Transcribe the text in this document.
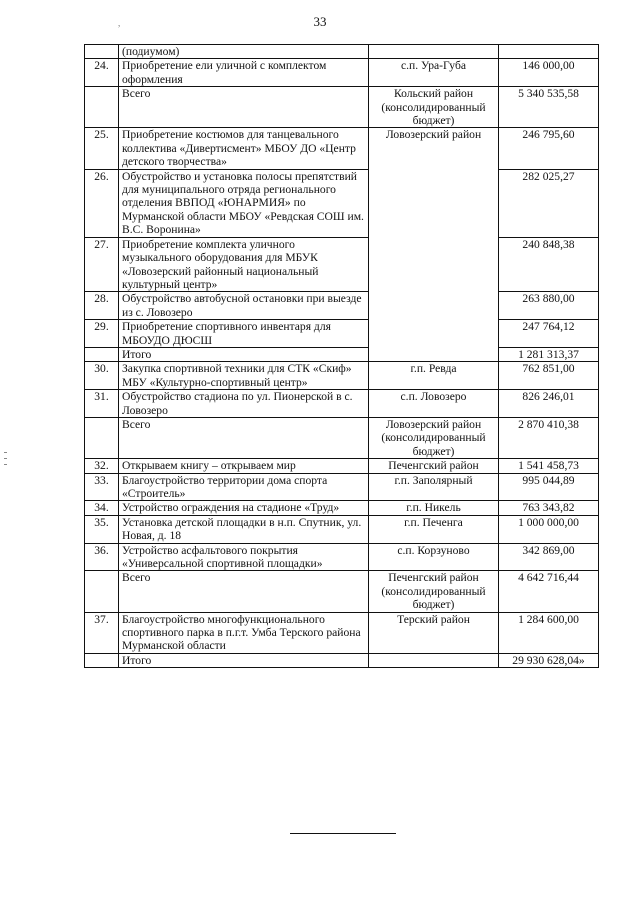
33
,
	(подиумом)		
24.	Приобретение ели уличной с комплектом оформления	с.п. Ура-Губа	146 000,00
	Всего	Кольский район (консолидированный бюджет)	5 340 535,58
25.	Приобретение костюмов для танцевального коллектива «Дивертисмент» МБОУ ДО «Центр детского творчества»	Ловозерский район	246 795,60
26.	Обустройство и установка полосы препятствий для муниципального отряда регионального отделения ВВПОД «ЮНАРМИЯ» по Мурманской области МБОУ «Ревдская СОШ им. В.С. Воронина»		282 025,27
27.	Приобретение комплекта уличного музыкального оборудования для МБУК «Ловозерский районный национальный культурный центр»		240 848,38
28.	Обустройство автобусной остановки при выезде из с. Ловозеро		263 880,00
29.	Приобретение спортивного инвентаря для МБОУДО ДЮСШ		247 764,12
	Итого		1 281 313,37
30.	Закупка спортивной техники для СТК «Скиф» МБУ «Культурно-спортивный центр»	г.п. Ревда	762 851,00
31.	Обустройство стадиона по ул. Пионерской в с. Ловозеро	с.п. Ловозеро	826 246,01
	Всего	Ловозерский район (консолидированный бюджет)	2 870 410,38
32.	Открываем книгу – открываем мир	Печенгский район	1 541 458,73
33.	Благоустройство территории дома спорта «Строитель»	г.п. Заполярный	995 044,89
34.	Устройство ограждения на стадионе «Труд»	г.п. Никель	763 343,82
35.	Установка детской площадки в н.п. Спутник, ул. Новая, д. 18	г.п. Печенга	1 000 000,00
36.	Устройство асфальтового покрытия «Универсальной спортивной площадки»	с.п. Корзуново	342 869,00
	Всего	Печенгский район (консолидированный бюджет)	4 642 716,44
37.	Благоустройство многофункционального спортивного парка в п.г.т. Умба Терского района Мурманской области	Терский район	1 284 600,00
	Итого		29 930 628,04»
